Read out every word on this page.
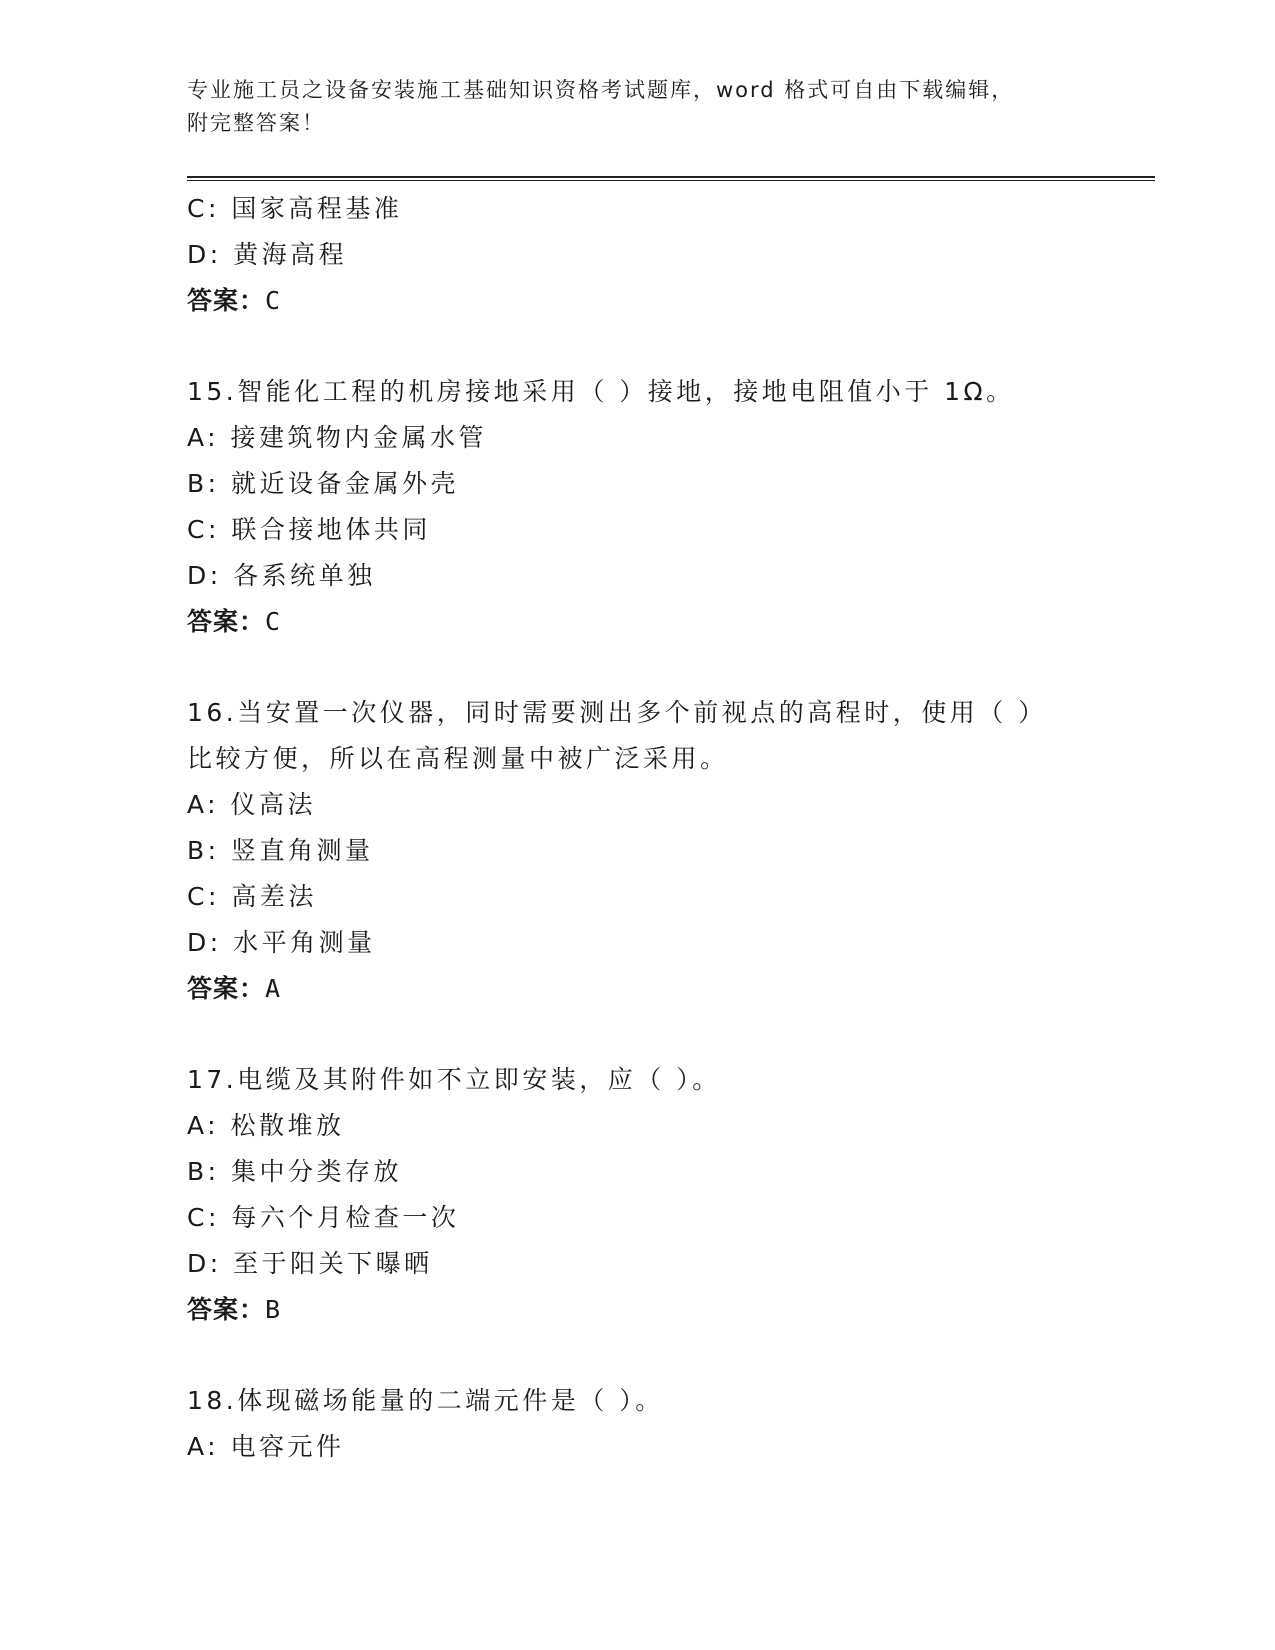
专业施工员之设备安装施工基础知识资格考试题库，word 格式可自由下载编辑，
附完整答案！
C: 国家高程基准
D: 黄海高程
答案：C
15.智能化工程的机房接地采用（ ）接地，接地电阻值小于 1Ω。
A: 接建筑物内金属水管
B: 就近设备金属外壳
C: 联合接地体共同
D: 各系统单独
答案：C
16.当安置一次仪器，同时需要测出多个前视点的高程时，使用（ ）
比较方便，所以在高程测量中被广泛采用。
A: 仪高法
B: 竖直角测量
C: 高差法
D: 水平角测量
答案：A
17.电缆及其附件如不立即安装，应（ ）。
A: 松散堆放
B: 集中分类存放
C: 每六个月检查一次
D: 至于阳关下曝晒
答案：B
18.体现磁场能量的二端元件是（ ）。
A: 电容元件
